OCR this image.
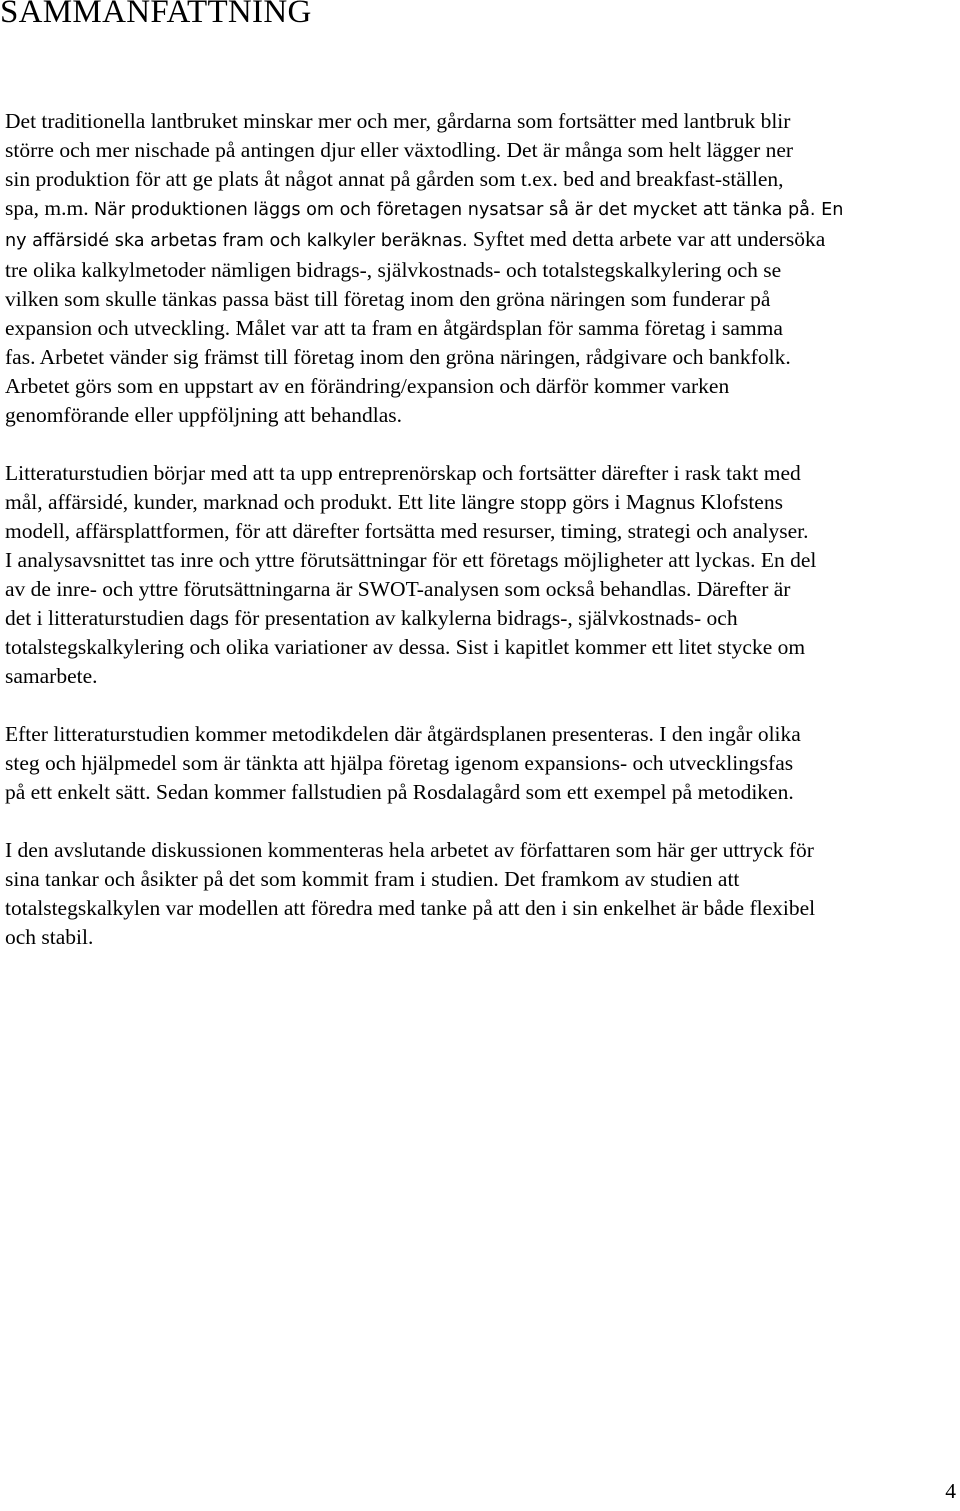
SAMMANFATTNING

Det traditionella lantbruket minskar mer och mer, gårdarna som fortsätter med lantbruk blir
större och mer nischade på antingen djur eller växtodling. Det är många som helt lägger ner
sin produktion för att ge plats åt något annat på gården som t.ex. bed and breakfast-ställen,
spa, m.m. När produktionen läggs om och företagen nysatsar så är det mycket att tänka på. En
ny affärsidé ska arbetas fram och kalkyler beräknas. Syftet med detta arbete var att undersöka
tre olika kalkylmetoder nämligen bidrags-, självkostnads- och totalstegskalkylering och se
vilken som skulle tänkas passa bäst till företag inom den gröna näringen som funderar på
expansion och utveckling. Målet var att ta fram en åtgärdsplan för samma företag i samma
fas. Arbetet vänder sig främst till företag inom den gröna näringen, rådgivare och bankfolk.
Arbetet görs som en uppstart av en förändring/expansion och därför kommer varken
genomförande eller uppföljning att behandlas.

Litteraturstudien börjar med att ta upp entreprenörskap och fortsätter därefter i rask takt med
mål, affärsidé, kunder, marknad och produkt. Ett lite längre stopp görs i Magnus Klofstens
modell, affärsplattformen, för att därefter fortsätta med resurser, timing, strategi och analyser.
I analysavsnittet tas inre och yttre förutsättningar för ett företags möjligheter att lyckas. En del
av de inre- och yttre förutsättningarna är SWOT-analysen som också behandlas. Därefter är
det i litteraturstudien dags för presentation av kalkylerna bidrags-, självkostnads- och
totalstegskalkylering och olika variationer av dessa. Sist i kapitlet kommer ett litet stycke om
samarbete.

Efter litteraturstudien kommer metodikdelen där åtgärdsplanen presenteras. I den ingår olika
steg och hjälpmedel som är tänkta att hjälpa företag igenom expansions- och utvecklingsfas
på ett enkelt sätt. Sedan kommer fallstudien på Rosdalagård som ett exempel på metodiken.

I den avslutande diskussionen kommenteras hela arbetet av författaren som här ger uttryck för
sina tankar och åsikter på det som kommit fram i studien. Det framkom av studien att
totalstegskalkylen var modellen att föredra med tanke på att den i sin enkelhet är både flexibel
och stabil.

4
